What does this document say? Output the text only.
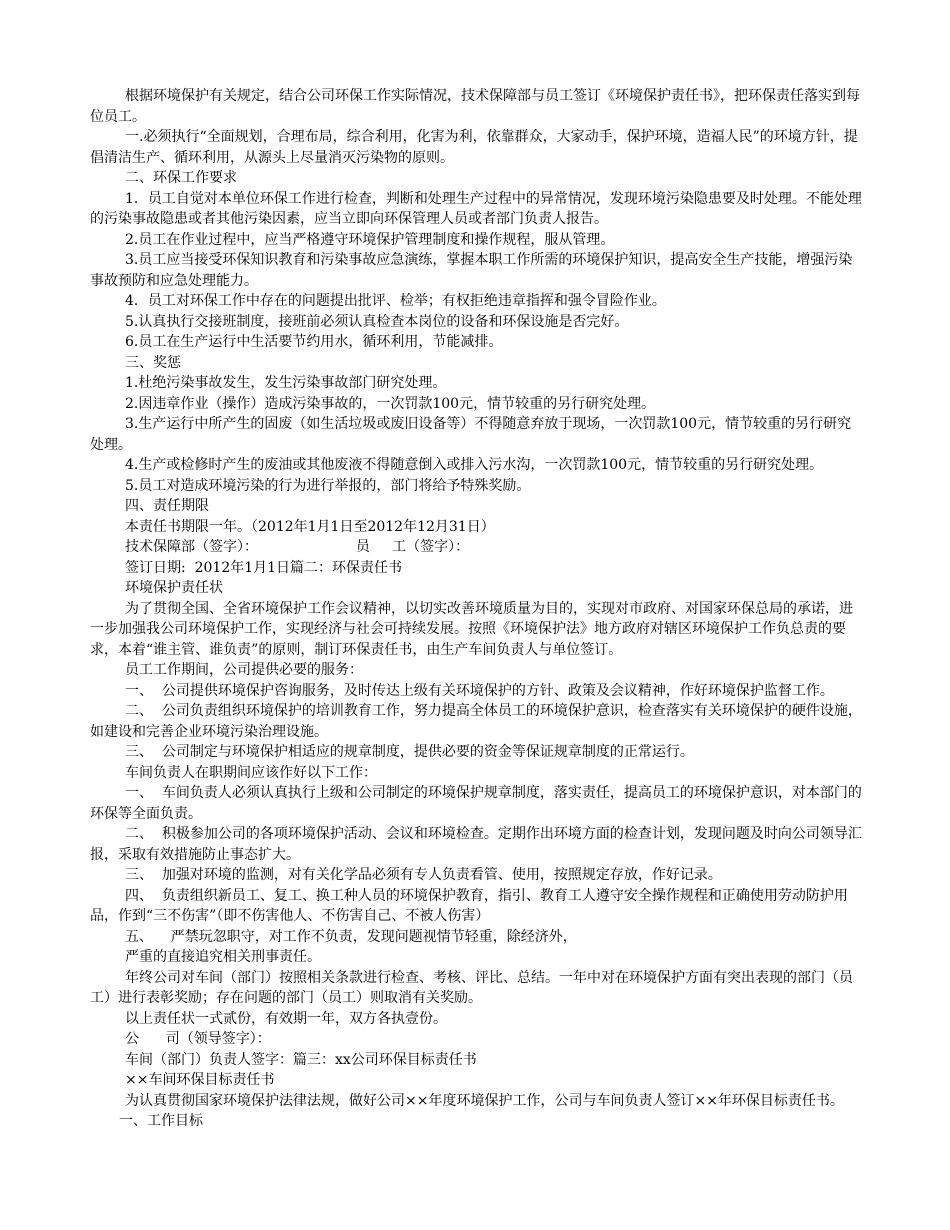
根据环境保护有关规定，结合公司环保工作实际情况，技术保障部与员工签订《环境保护责任书》，把环保责任落实到每位员工。

一.必须执行“全面规划，合理布局，综合利用，化害为利，依靠群众，大家动手，保护环境，造福人民”的环境方针，提倡清洁生产、循环利用，从源头上尽量消灭污染物的原则。

二、环保工作要求

1．员工自觉对本单位环保工作进行检查，判断和处理生产过程中的异常情况，发现环境污染隐患要及时处理。不能处理的污染事故隐患或者其他污染因素，应当立即向环保管理人员或者部门负责人报告。

2.员工在作业过程中，应当严格遵守环境保护管理制度和操作规程，服从管理。

3.员工应当接受环保知识教育和污染事故应急演练，掌握本职工作所需的环境保护知识，提高安全生产技能，增强污染事故预防和应急处理能力。

4．员工对环保工作中存在的问题提出批评、检举；有权拒绝违章指挥和强令冒险作业。

5.认真执行交接班制度，接班前必须认真检查本岗位的设备和环保设施是否完好。

6.员工在生产运行中生活要节约用水，循环利用，节能减排。

三、奖惩

1.杜绝污染事故发生，发生污染事故部门研究处理。

2.因违章作业（操作）造成污染事故的，一次罚款100元，情节较重的另行研究处理。

3.生产运行中所产生的固废（如生活垃圾或废旧设备等）不得随意弃放于现场，一次罚款100元，情节较重的另行研究处理。

4.生产或检修时产生的废油或其他废液不得随意倒入或排入污水沟，一次罚款100元，情节较重的另行研究处理。

5.员工对造成环境污染的行为进行举报的，部门将给予特殊奖励。

四、责任期限

本责任书期限一年。（2012年1月1日至2012年12月31日）

技术保障部（签字）：                      员     工（签字）：

签订日期:  2012年1月1日篇二：环保责任书

环境保护责任状

为了贯彻全国、全省环境保护工作会议精神，以切实改善环境质量为目的，实现对市政府、对国家环保总局的承诺，进一步加强我公司环境保护工作，实现经济与社会可持续发展。按照《环境保护法》地方政府对辖区环境保护工作负总责的要求，本着“谁主管、谁负责”的原则，制订环保责任书，由生产车间负责人与单位签订。

员工工作期间，公司提供必要的服务：

一、  公司提供环境保护咨询服务，及时传达上级有关环境保护的方针、政策及会议精神，作好环境保护监督工作。

二、  公司负责组织环境保护的培训教育工作，努力提高全体员工的环境保护意识，检查落实有关环境保护的硬件设施，如建设和完善企业环境污染治理设施。

三、  公司制定与环境保护相适应的规章制度，提供必要的资金等保证规章制度的正常运行。

车间负责人在职期间应该作好以下工作：

一、  车间负责人必须认真执行上级和公司制定的环境保护规章制度，落实责任，提高员工的环境保护意识，对本部门的环保等全面负责。

二、  积极参加公司的各项环境保护活动、会议和环境检查。定期作出环境方面的检查计划，发现问题及时向公司领导汇报，采取有效措施防止事态扩大。

三、  加强对环境的监测，对有关化学品必须有专人负责看管、使用，按照规定存放，作好记录。

四、  负责组织新员工、复工、换工种人员的环境保护教育，指引、教育工人遵守安全操作规程和正确使用劳动防护用品，作到“三不伤害”（即不伤害他人、不伤害自己、不被人伤害）

五、    严禁玩忽职守，对工作不负责，发现问题视情节轻重，除经济外，

严重的直接追究相关刑事责任。

年终公司对车间（部门）按照相关条款进行检查、考核、评比、总结。一年中对在环境保护方面有突出表现的部门（员工）进行表彰奖励；存在问题的部门（员工）则取消有关奖励。

以上责任状一式贰份，有效期一年，双方各执壹份。

公      司（领导签字）：

车间（部门）负责人签字：篇三：xx公司环保目标责任书

××车间环保目标责任书

为认真贯彻国家环境保护法律法规，做好公司××年度环境保护工作，公司与车间负责人签订××年环保目标责任书。

一、工作目标
